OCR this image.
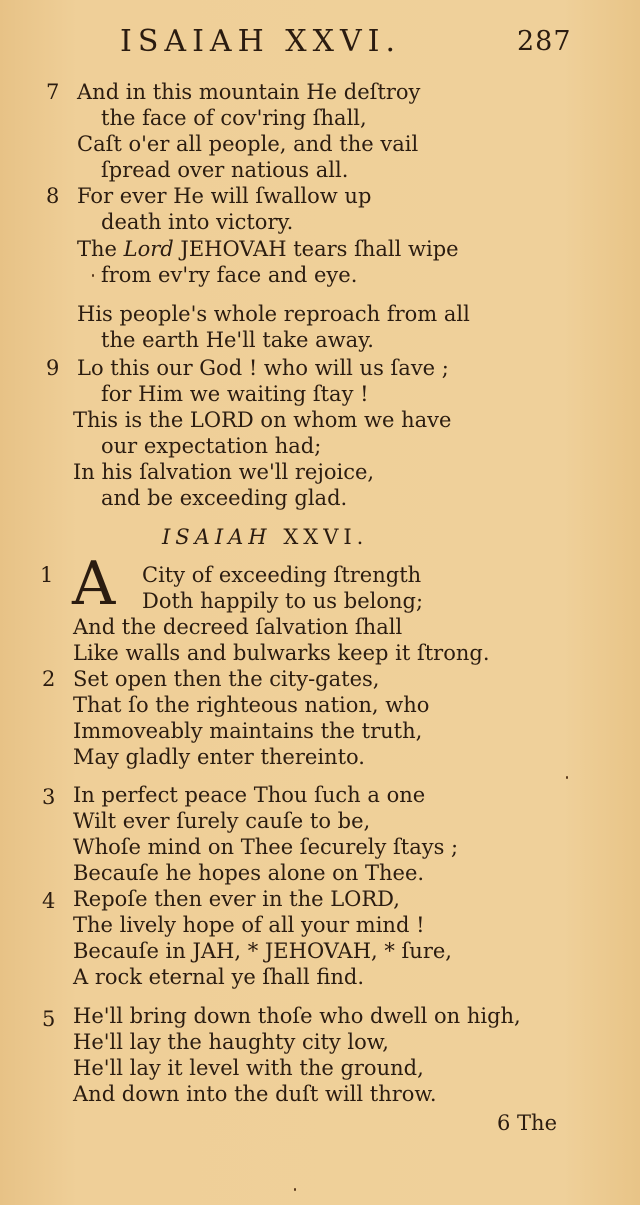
ISAIAH XXVI.	287
7 And in this mountain He deſtroy
the face of cov'ring ſhall,
Caſt o'er all people, and the vail
ſpread over natious all.
8 For ever He will ſwallow up
death into victory.
The Lord JEHOVAH tears ſhall wipe
from ev'ry face and eye.
His people's whole reproach from all
the earth He'll take away.
9 Lo this our God ! who will us ſave ;
for Him we waiting ſtay !
This is the LORD on whom we have
our expectation had;
In his ſalvation we'll rejoice,
and be exceeding glad.
ISAIAH XXVI.
1 A City of exceeding ſtrength
Doth happily to us belong;
And the decreed ſalvation ſhall
Like walls and bulwarks keep it ſtrong.
2 Set open then the city-gates,
That ſo the righteous nation, who
Immoveably maintains the truth,
May gladly enter thereinto.
3 In perfect peace Thou ſuch a one
Wilt ever ſurely cauſe to be,
Whoſe mind on Thee ſecurely ſtays ;
Becauſe he hopes alone on Thee.
4 Repoſe then ever in the LORD,
The lively hope of all your mind !
Becauſe in JAH, * JEHOVAH, * ſure,
A rock eternal ye ſhall find.
5 He'll bring down thoſe who dwell on high,
He'll lay the haughty city low,
He'll lay it level with the ground,
And down into the duſt will throw.
6 The
